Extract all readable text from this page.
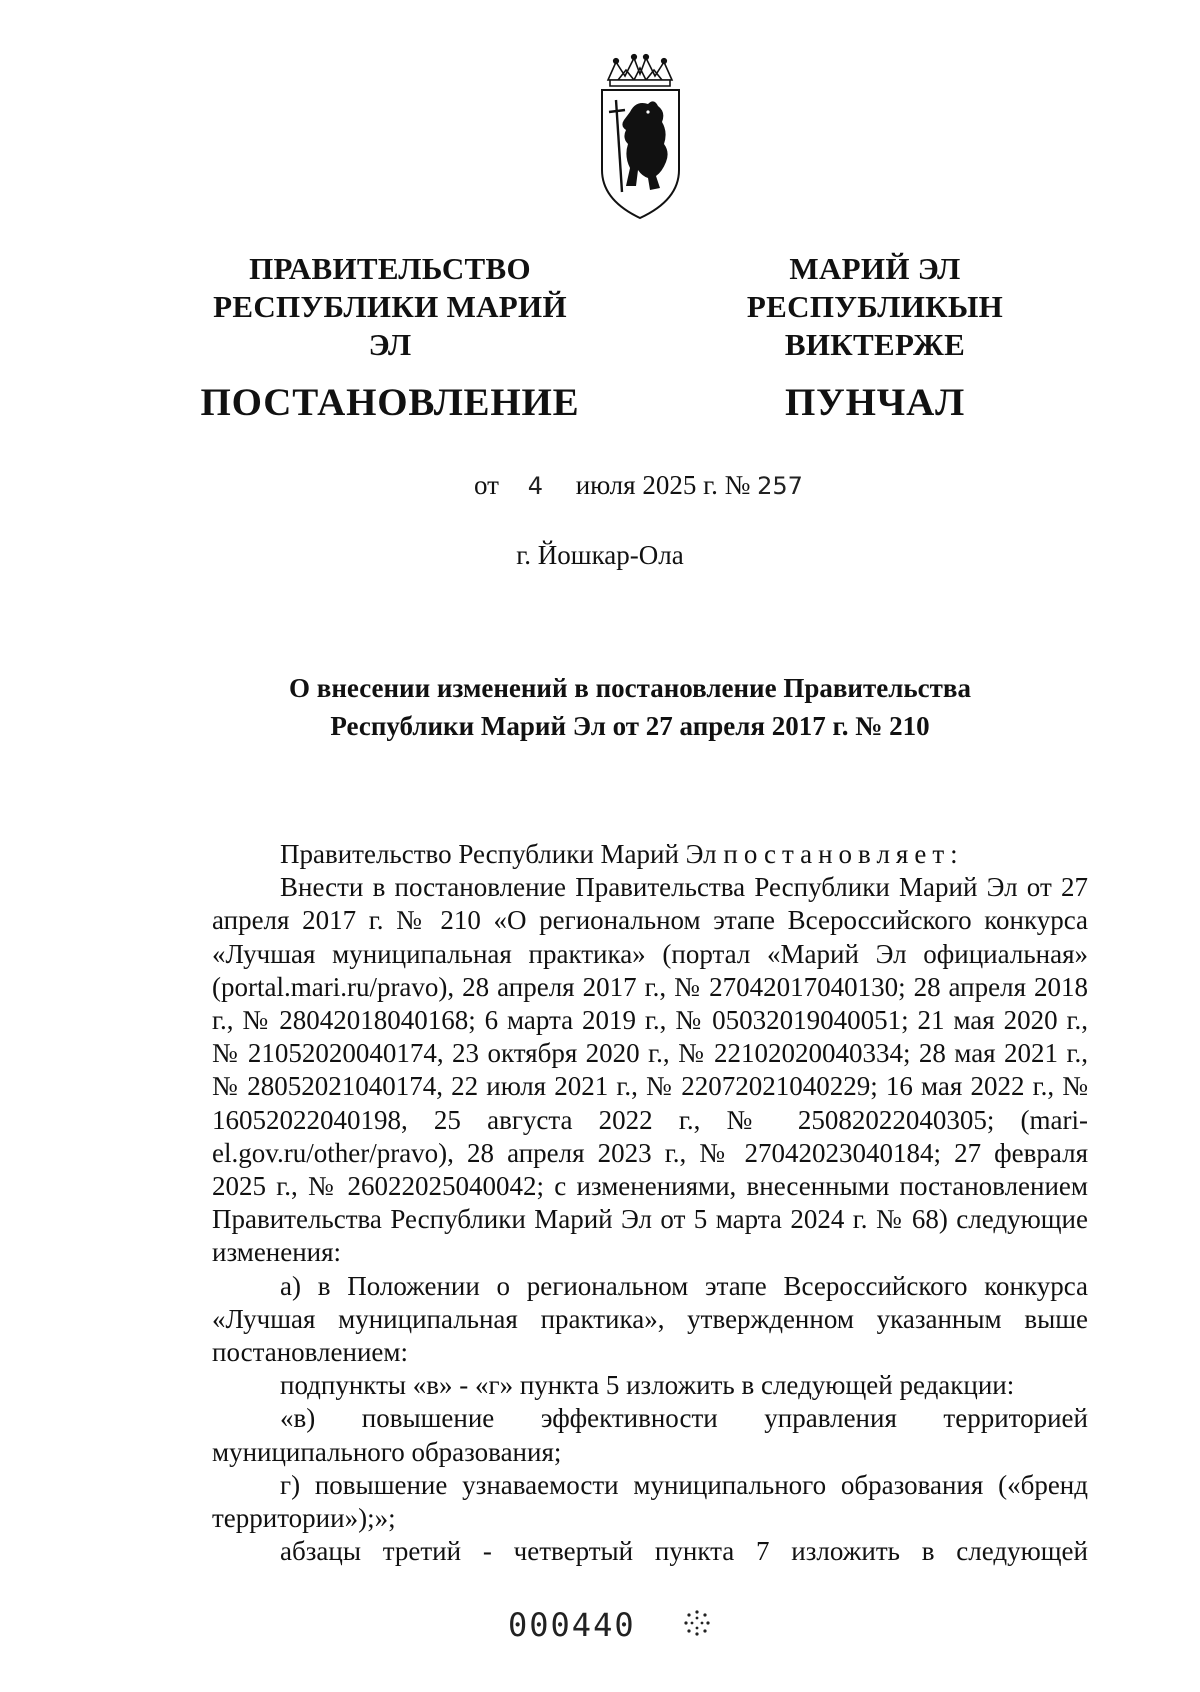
ПРАВИТЕЛЬСТВО
РЕСПУБЛИКИ МАРИЙ ЭЛ
ПОСТАНОВЛЕНИЕ
МАРИЙ ЭЛ РЕСПУБЛИКЫН
ВИКТЕРЖЕ
ПУНЧАЛ
от 4 июля 2025 г. № 257
г. Йошкар-Ола
О внесении изменений в постановление Правительства
Республики Марий Эл от 27 апреля 2017 г. № 210

Правительство Республики Марий Эл постановляет:

Внести в постановление Правительства Республики Марий Эл от 27 апреля 2017 г. № 210 «О региональном этапе Всероссийского конкурса «Лучшая муниципальная практика» (портал «Марий Эл официальная» (portal.mari.ru/pravo), 28 апреля 2017 г., № 27042017040130; 28 апреля 2018 г., № 28042018040168; 6 марта 2019 г., № 05032019040051; 21 мая 2020 г., № 21052020040174, 23 октября 2020 г., № 22102020040334; 28 мая 2021 г., № 28052021040174, 22 июля 2021 г., № 22072021040229; 16 мая 2022 г., № 16052022040198, 25 августа 2022 г., № 25082022040305; (mari-el.gov.ru/other/pravo), 28 апреля 2023 г., № 27042023040184; 27 февраля 2025 г., № 26022025040042; с изменениями, внесенными постановлением Правительства Республики Марий Эл от 5 марта 2024 г. № 68) следующие изменения:

а) в Положении о региональном этапе Всероссийского конкурса «Лучшая муниципальная практика», утвержденном указанным выше постановлением:

подпункты «в» - «г» пункта 5 изложить в следующей редакции:

«в) повышение эффективности управления территорией муниципального образования;

г) повышение узнаваемости муниципального образования («бренд территории»);»;

абзацы третий - четвертый пункта 7 изложить в следующей

000440
